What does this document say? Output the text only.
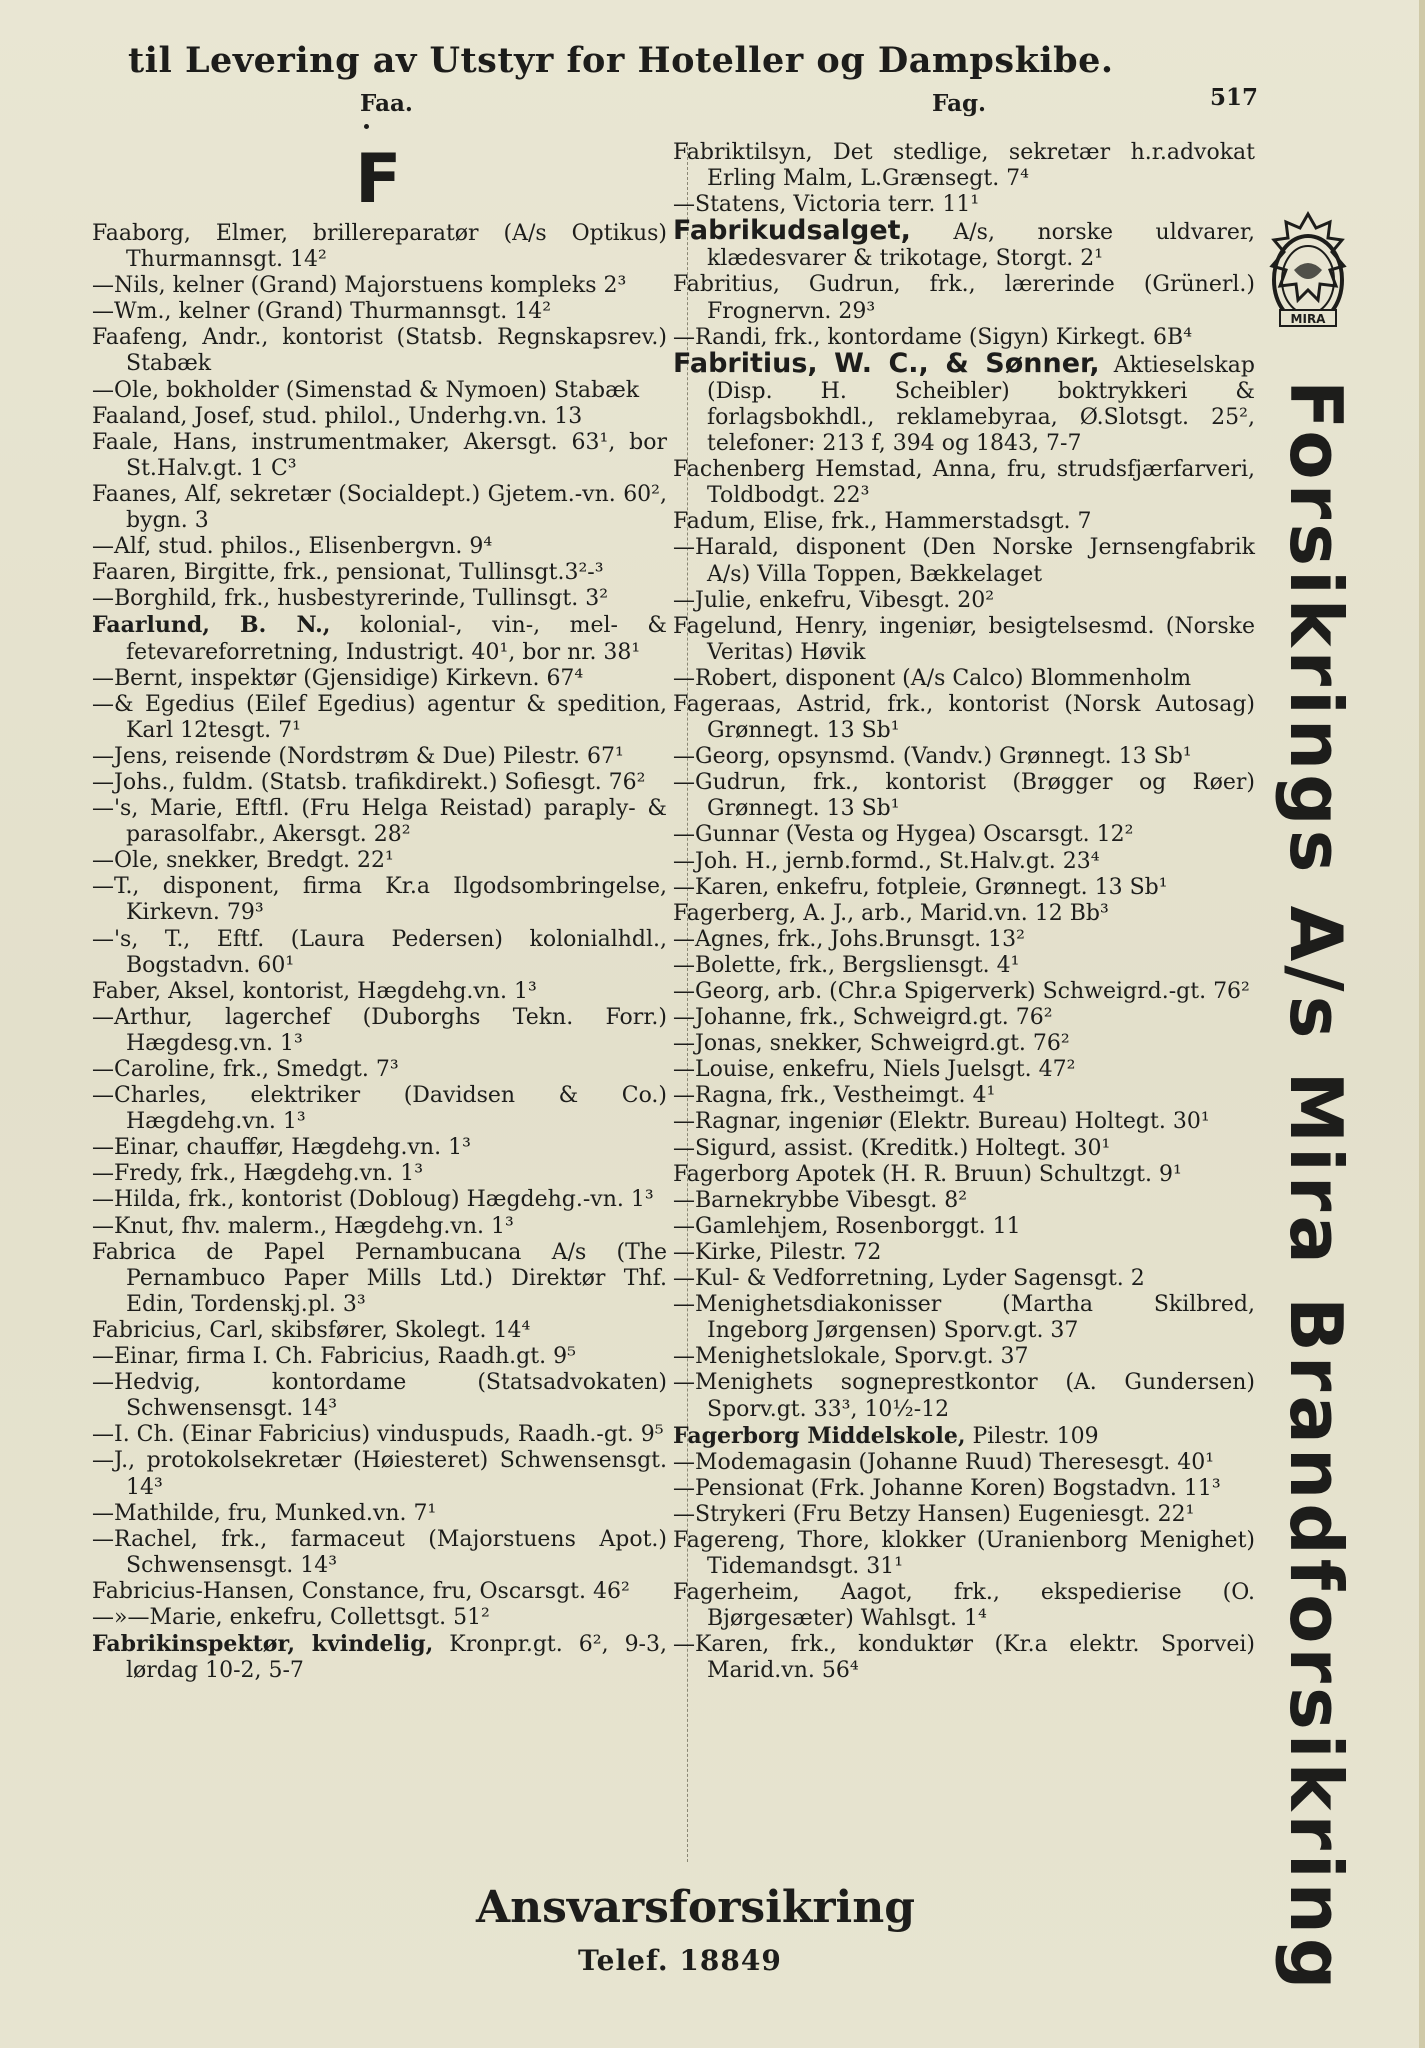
til Levering av Utstyr for Hoteller og Dampskibe.
Faa.	Fag.	517
F
Faaborg, Elmer, brillereparatør (A/s Optikus) Thurmannsgt. 14²
—Nils, kelner (Grand) Majorstuens kompleks 2³
—Wm., kelner (Grand) Thurmannsgt. 14²
Faafeng, Andr., kontorist (Statsb. Regnskapsrev.) Stabæk
—Ole, bokholder (Simenstad & Nymoen) Stabæk
Faaland, Josef, stud. philol., Underhg.vn. 13
Faale, Hans, instrumentmaker, Akersgt. 63¹, bor St.Halv.gt. 1 C³
Faanes, Alf, sekretær (Socialdept.) Gjetem.-vn. 60², bygn. 3
—Alf, stud. philos., Elisenbergvn. 9⁴
Faaren, Birgitte, frk., pensionat, Tullinsgt.3²-³
—Borghild, frk., husbestyrerinde, Tullinsgt. 3²
Faarlund, B. N., kolonial-, vin-, mel- & fetevareforretning, Industrigt. 40¹, bor nr. 38¹
—Bernt, inspektør (Gjensidige) Kirkevn. 67⁴
—& Egedius (Eilef Egedius) agentur & spedition, Karl 12tesgt. 7¹
—Jens, reisende (Nordstrøm & Due) Pilestr. 67¹
—Johs., fuldm. (Statsb. trafikdirekt.) Sofiesgt. 76²
—'s, Marie, Eftfl. (Fru Helga Reistad) paraply- & parasolfabr., Akersgt. 28²
—Ole, snekker, Bredgt. 22¹
—T., disponent, firma Kr.a Ilgodsombringelse, Kirkevn. 79³
—'s, T., Eftf. (Laura Pedersen) kolonialhdl., Bogstadvn. 60¹
Faber, Aksel, kontorist, Hægdehg.vn. 1³
—Arthur, lagerchef (Duborghs Tekn. Forr.) Hægdesg.vn. 1³
—Caroline, frk., Smedgt. 7³
—Charles, elektriker (Davidsen & Co.) Hægdehg.vn. 1³
—Einar, chauffør, Hægdehg.vn. 1³
—Fredy, frk., Hægdehg.vn. 1³
—Hilda, frk., kontorist (Dobloug) Hægdehg.-vn. 1³
—Knut, fhv. malerm., Hægdehg.vn. 1³
Fabrica de Papel Pernambucana A/s (The Pernambuco Paper Mills Ltd.) Direktør Thf. Edin, Tordenskj.pl. 3³
Fabricius, Carl, skibsfører, Skolegt. 14⁴
—Einar, firma I. Ch. Fabricius, Raadh.gt. 9⁵
—Hedvig, kontordame (Statsadvokaten) Schwensensgt. 14³
—I. Ch. (Einar Fabricius) vinduspuds, Raadh.-gt. 9⁵
—J., protokolsekretær (Høiesteret) Schwensensgt. 14³
—Mathilde, fru, Munked.vn. 7¹
—Rachel, frk., farmaceut (Majorstuens Apot.) Schwensensgt. 14³
Fabricius-Hansen, Constance, fru, Oscarsgt. 46²
—»—Marie, enkefru, Collettsgt. 51²
Fabrikinspektør, kvindelig, Kronpr.gt. 6², 9-3, lørdag 10-2, 5-7
Fabriktilsyn, Det stedlige, sekretær h.r.advokat Erling Malm, L.Grænsegt. 7⁴
—Statens, Victoria terr. 11¹
Fabrikudsalget, A/s, norske uldvarer, klædesvarer & trikotage, Storgt. 2¹
Fabritius, Gudrun, frk., lærerinde (Grünerl.) Frognervn. 29³
—Randi, frk., kontordame (Sigyn) Kirkegt. 6B⁴
Fabritius, W. C., & Sønner, Aktieselskap (Disp. H. Scheibler) boktrykkeri & forlagsbokhdl., reklamebyraa, Ø.Slotsgt. 25², telefoner: 213 f, 394 og 1843, 7-7
Fachenberg Hemstad, Anna, fru, strudsfjærfarveri, Toldbodgt. 22³
Fadum, Elise, frk., Hammerstadsgt. 7
—Harald, disponent (Den Norske Jernsengfabrik A/s) Villa Toppen, Bækkelaget
—Julie, enkefru, Vibesgt. 20²
Fagelund, Henry, ingeniør, besigtelsesmd. (Norske Veritas) Høvik
—Robert, disponent (A/s Calco) Blommenholm
Fageraas, Astrid, frk., kontorist (Norsk Autosag) Grønnegt. 13 Sb¹
—Georg, opsynsmd. (Vandv.) Grønnegt. 13 Sb¹
—Gudrun, frk., kontorist (Brøgger og Røer) Grønnegt. 13 Sb¹
—Gunnar (Vesta og Hygea) Oscarsgt. 12²
—Joh. H., jernb.formd., St.Halv.gt. 23⁴
—Karen, enkefru, fotpleie, Grønnegt. 13 Sb¹
Fagerberg, A. J., arb., Marid.vn. 12 Bb³
—Agnes, frk., Johs.Brunsgt. 13²
—Bolette, frk., Bergsliensgt. 4¹
—Georg, arb. (Chr.a Spigerverk) Schweigrd.-gt. 76²
—Johanne, frk., Schweigrd.gt. 76²
—Jonas, snekker, Schweigrd.gt. 76²
—Louise, enkefru, Niels Juelsgt. 47²
—Ragna, frk., Vestheimgt. 4¹
—Ragnar, ingeniør (Elektr. Bureau) Holtegt. 30¹
—Sigurd, assist. (Kreditk.) Holtegt. 30¹
Fagerborg Apotek (H. R. Bruun) Schultzgt. 9¹
—Barnekrybbe Vibesgt. 8²
—Gamlehjem, Rosenborggt. 11
—Kirke, Pilestr. 72
—Kul- & Vedforretning, Lyder Sagensgt. 2
—Menighetsdiakonisser (Martha Skilbred, Ingeborg Jørgensen) Sporv.gt. 37
—Menighetslokale, Sporv.gt. 37
—Menighets sogneprestkontor (A. Gundersen) Sporv.gt. 33³, 10½-12
Fagerborg Middelskole, Pilestr. 109
—Modemagasin (Johanne Ruud) Theresesgt. 40¹
—Pensionat (Frk. Johanne Koren) Bogstadvn. 11³
—Strykeri (Fru Betzy Hansen) Eugeniesgt. 22¹
Fagereng, Thore, klokker (Uranienborg Menighet) Tidemandsgt. 31¹
Fagerheim, Aagot, frk., ekspedierise (O. Bjørgesæter) Wahlsgt. 1⁴
—Karen, frk., konduktør (Kr.a elektr. Sporvei) Marid.vn. 56⁴
MIRA
Forsikrings A/s Mira Brandforsikring
Ansvarsforsikring
Telef. 18849
